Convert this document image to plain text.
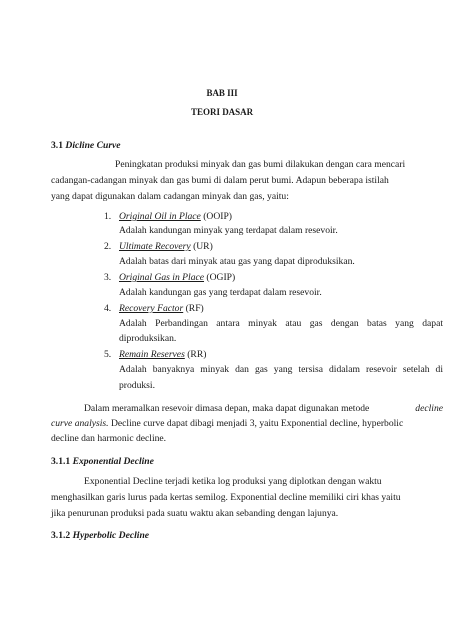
BAB III
TEORI DASAR
3.1 Dicline Curve
Peningkatan produksi minyak dan gas bumi dilakukan dengan cara mencari
cadangan-cadangan minyak dan gas bumi di dalam perut bumi. Adapun beberapa istilah
yang dapat digunakan dalam cadangan minyak dan gas, yaitu:
1. Original Oil in Place (OOIP)
Adalah kandungan minyak yang terdapat dalam resevoir.
2. Ultimate Recovery (UR)
Adalah batas dari minyak atau gas yang dapat diproduksikan.
3. Original Gas in Place (OGIP)
Adalah kandungan gas yang terdapat dalam resevoir.
4. Recovery Factor (RF)
Adalah Perbandingan antara minyak atau gas dengan batas yang dapat
diproduksikan.
5. Remain Reserves (RR)
Adalah banyaknya minyak dan gas yang tersisa didalam resevoir setelah di
produksi.
Dalam meramalkan resevoir dimasa depan, maka dapat digunakan metode	decline
curve analysis. Decline curve dapat dibagi menjadi 3, yaitu Exponential decline, hyperbolic
decline dan harmonic decline.
3.1.1 Exponential Decline
Exponential Decline terjadi ketika log produksi yang diplotkan dengan waktu
menghasilkan garis lurus pada kertas semilog. Exponential decline memiliki ciri khas yaitu
jika penurunan produksi pada suatu waktu akan sebanding dengan lajunya.
3.1.2 Hyperbolic Decline
